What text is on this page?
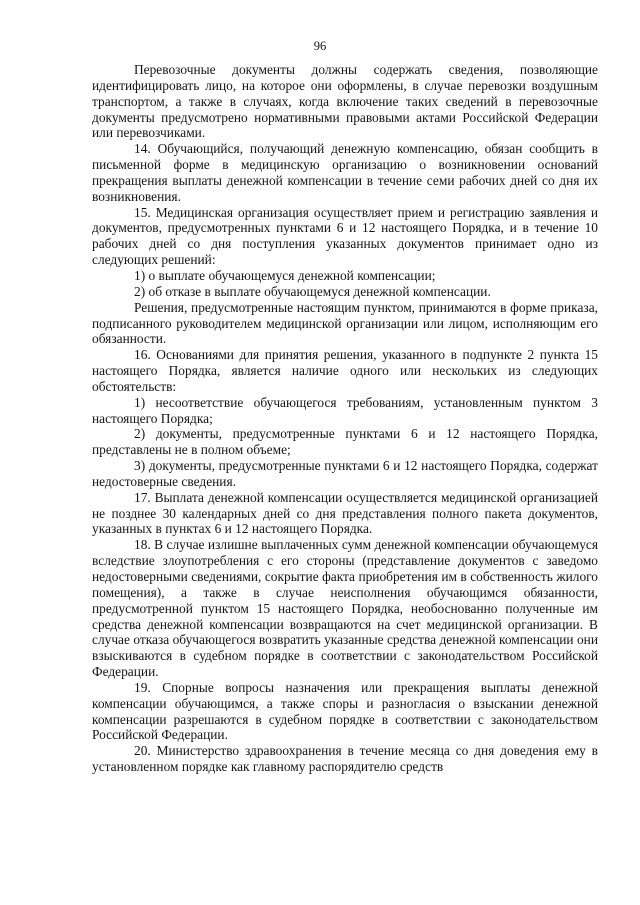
96

Перевозочные документы должны содержать сведения, позволяющие идентифицировать лицо, на которое они оформлены, в случае перевозки воздушным транспортом, а также в случаях, когда включение таких сведений в перевозочные документы предусмотрено нормативными правовыми актами Российской Федерации или перевозчиками.

14. Обучающийся, получающий денежную компенсацию, обязан сообщить в письменной форме в медицинскую организацию о возникновении оснований прекращения выплаты денежной компенсации в течение семи рабочих дней со дня их возникновения.

15. Медицинская организация осуществляет прием и регистрацию заявления и документов, предусмотренных пунктами 6 и 12 настоящего Порядка, и в течение 10 рабочих дней со дня поступления указанных документов принимает одно из следующих решений:

1) о выплате обучающемуся денежной компенсации;

2) об отказе в выплате обучающемуся денежной компенсации.

Решения, предусмотренные настоящим пунктом, принимаются в форме приказа, подписанного руководителем медицинской организации или лицом, исполняющим его обязанности.

16. Основаниями для принятия решения, указанного в подпункте 2 пункта 15 настоящего Порядка, является наличие одного или нескольких из следующих обстоятельств:

1) несоответствие обучающегося требованиям, установленным пунктом 3 настоящего Порядка;

2) документы, предусмотренные пунктами 6 и 12 настоящего Порядка, представлены не в полном объеме;

3) документы, предусмотренные пунктами 6 и 12 настоящего Порядка, содержат недостоверные сведения.

17. Выплата денежной компенсации осуществляется медицинской организацией не позднее 30 календарных дней со дня представления полного пакета документов, указанных в пунктах 6 и 12 настоящего Порядка.

18. В случае излишне выплаченных сумм денежной компенсации обучающемуся вследствие злоупотребления с его стороны (представление документов с заведомо недостоверными сведениями, сокрытие факта приобретения им в собственность жилого помещения), а также в случае неисполнения обучающимся обязанности, предусмотренной пунктом 15 настоящего Порядка, необоснованно полученные им средства денежной компенсации возвращаются на счет медицинской организации. В случае отказа обучающегося возвратить указанные средства денежной компенсации они взыскиваются в судебном порядке в соответствии с законодательством Российской Федерации.

19. Спорные вопросы назначения или прекращения выплаты денежной компенсации обучающимся, а также споры и разногласия о взыскании денежной компенсации разрешаются в судебном порядке в соответствии с законодательством Российской Федерации.

20. Министерство здравоохранения в течение месяца со дня доведения ему в установленном порядке как главному распорядителю средств
